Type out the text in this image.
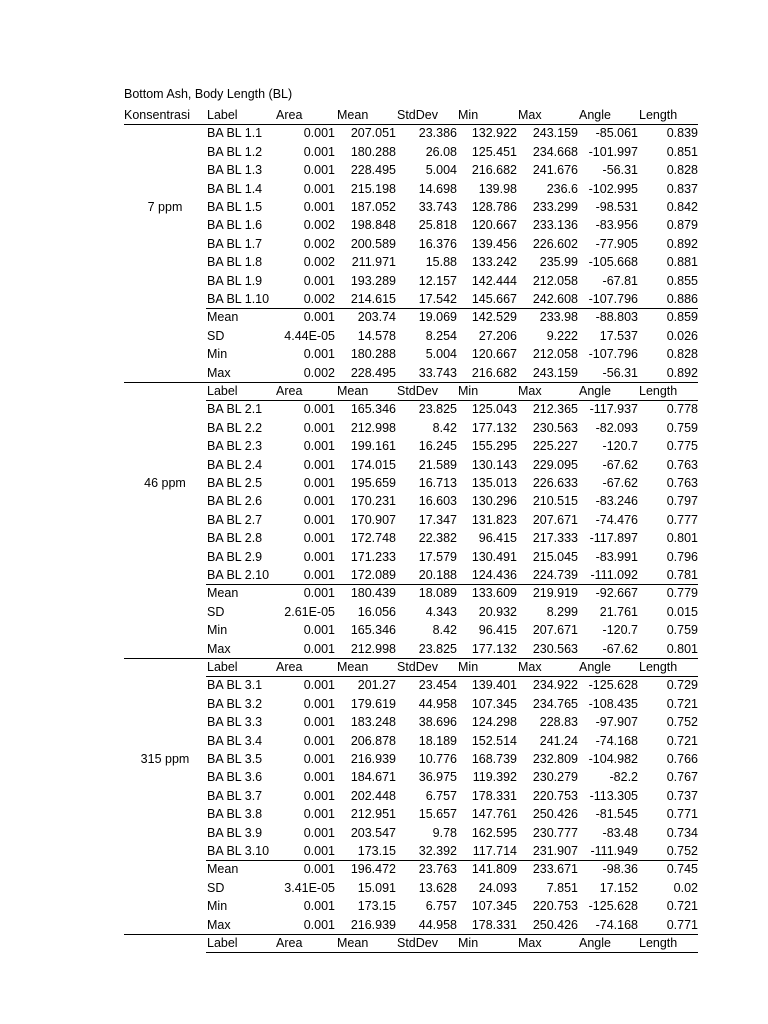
Bottom Ash, Body Length (BL)
Konsentrasi	Label	Area	Mean StdDev Min	Max	Angle Length
BA BL 1.1	0.001 207.051 23.386 132.922 243.159 -85.061 0.839
BA BL 1.2	0.001 180.288 26.08 125.451 234.668 -101.997 0.851
BA BL 1.3	0.001 228.495 5.004 216.682 241.676 -56.31 0.828
BA BL 1.4	0.001 215.198 14.698 139.98 236.6 -102.995 0.837
BA BL 1.5	0.001 187.052 33.743 128.786 233.299 -98.531 0.842
BA BL 1.6	0.002 198.848 25.818 120.667 233.136 -83.956 0.879
BA BL 1.7	0.002 200.589 16.376 139.456 226.602 -77.905 0.892
BA BL 1.8	0.002 211.971 15.88 133.242 235.99 -105.668 0.881
BA BL 1.9	0.001 193.289 12.157 142.444 212.058 -67.81 0.855
BA BL 1.10	0.002 214.615 17.542 145.667 242.608 -107.796 0.886
Mean	0.001 203.74 19.069 142.529 233.98 -88.803 0.859
SD	4.44E-05 14.578 8.254 27.206 9.222 17.537 0.026
Min	0.001 180.288 5.004 120.667 212.058 -107.796 0.828
Max	0.002 228.495 33.743 216.682 243.159 -56.31 0.892
7 ppm
Label	Area	Mean StdDev Min	Max	Angle Length
BA BL 2.1	0.001 165.346 23.825 125.043 212.365 -117.937 0.778
BA BL 2.2	0.001 212.998	8.42 177.132 230.563 -82.093 0.759
BA BL 2.3	0.001 199.161 16.245 155.295 225.227 -120.7 0.775
BA BL 2.4	0.001 174.015 21.589 130.143 229.095 -67.62 0.763
BA BL 2.5	0.001 195.659 16.713 135.013 226.633 -67.62 0.763
BA BL 2.6	0.001 170.231 16.603 130.296 210.515 -83.246 0.797
BA BL 2.7	0.001 170.907 17.347 131.823 207.671 -74.476 0.777
BA BL 2.8	0.001 172.748 22.382 96.415 217.333 -117.897 0.801
BA BL 2.9	0.001 171.233 17.579 130.491 215.045 -83.991 0.796
BA BL 2.10	0.001 172.089 20.188 124.436 224.739 -111.092 0.781
Mean	0.001 180.439 18.089 133.609 219.919 -92.667 0.779
SD	2.61E-05 16.056 4.343 20.932 8.299 21.761 0.015
Min	0.001 165.346	8.42 96.415 207.671 -120.7 0.759
Max	0.001 212.998 23.825 177.132 230.563 -67.62 0.801
46 ppm
Label	Area	Mean StdDev Min	Max	Angle Length
BA BL 3.1	0.001 201.27 23.454 139.401 234.922 -125.628 0.729
BA BL 3.2	0.001 179.619 44.958 107.345 234.765 -108.435 0.721
BA BL 3.3	0.001 183.248 38.696 124.298 228.83 -97.907 0.752
BA BL 3.4	0.001 206.878 18.189 152.514 241.24 -74.168 0.721
BA BL 3.5	0.001 216.939 10.776 168.739 232.809 -104.982 0.766
BA BL 3.6	0.001 184.671 36.975 119.392 230.279	-82.2 0.767
BA BL 3.7	0.001 202.448 6.757 178.331 220.753 -113.305 0.737
BA BL 3.8	0.001 212.951 15.657 147.761 250.426 -81.545 0.771
BA BL 3.9	0.001 203.547	9.78 162.595 230.777 -83.48 0.734
BA BL 3.10	0.001 173.15 32.392 117.714 231.907 -111.949 0.752
Mean	0.001 196.472 23.763 141.809 233.671 -98.36 0.745
SD	3.41E-05 15.091 13.628 24.093 7.851 17.152	0.02
Min	0.001 173.15 6.757 107.345 220.753 -125.628 0.721
Max	0.001 216.939 44.958 178.331 250.426 -74.168 0.771
315 ppm
Label	Area	Mean StdDev Min	Max	Angle Length
